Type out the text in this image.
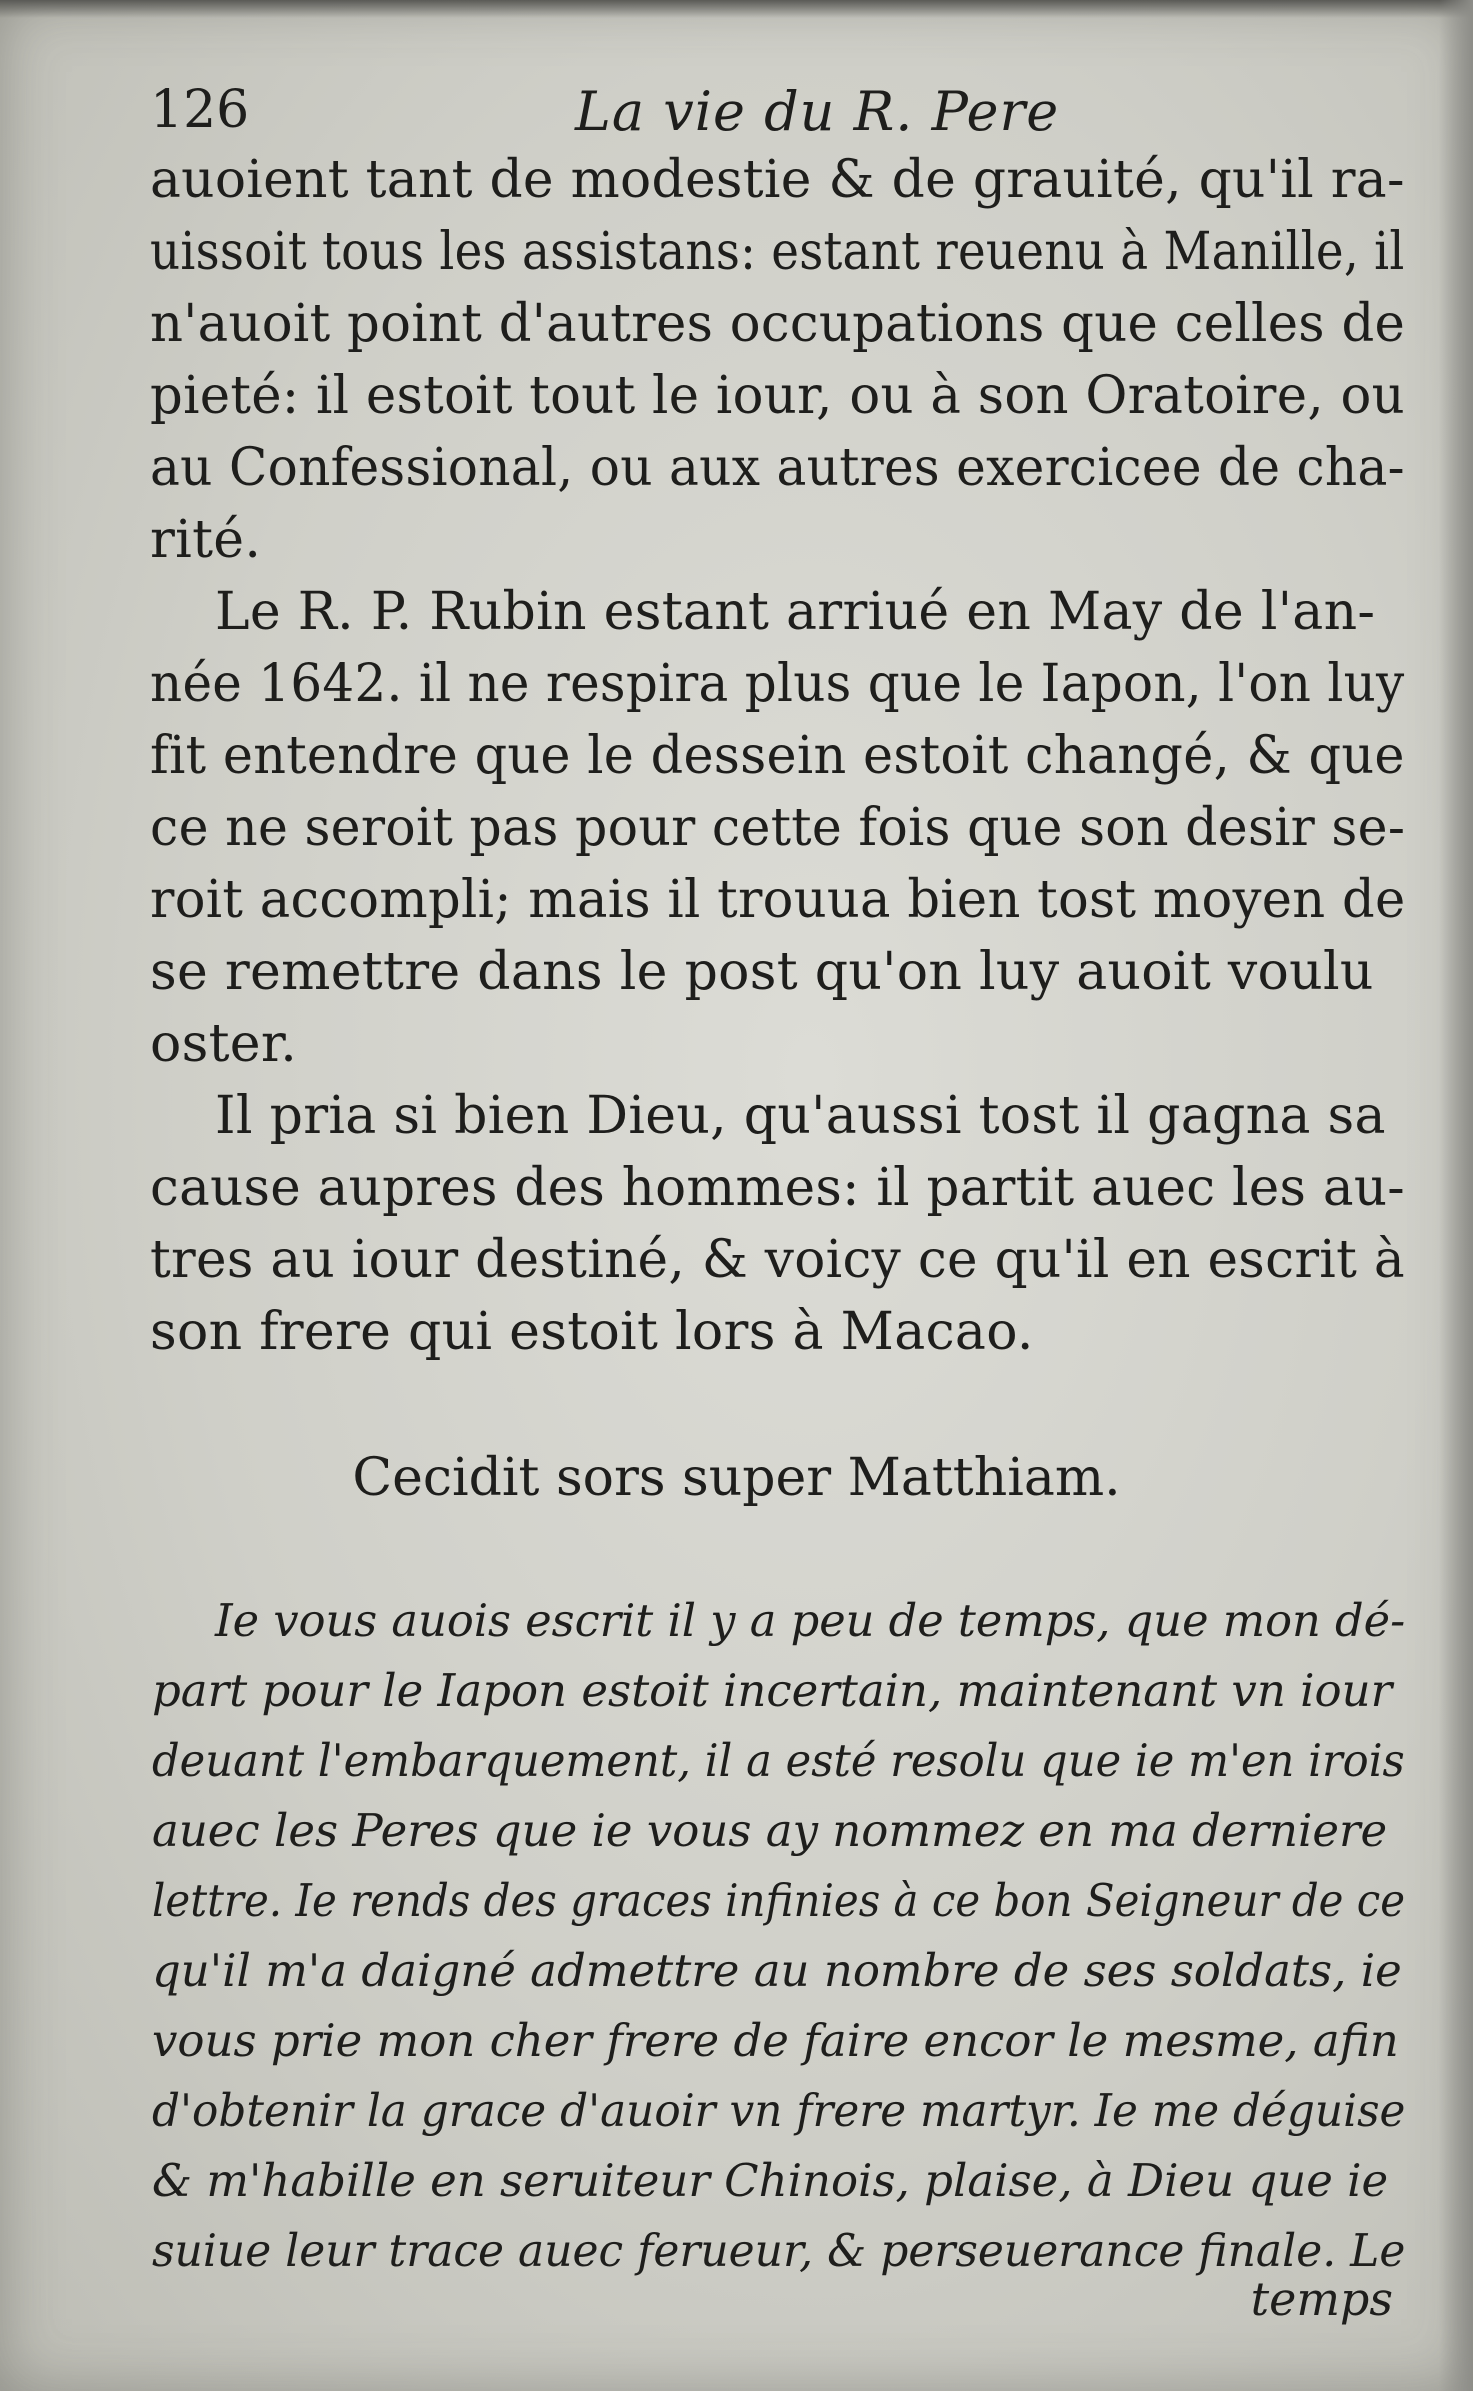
126	La vie du R. Pere
auoient tant de modestie & de grauité, qu'il ra-
uissoit tous les assistans: estant reuenu à Manille, il
n'auoit point d'autres occupations que celles de
pieté: il estoit tout le iour, ou à son Oratoire, ou
au Confessional, ou aux autres exercicee de cha-
rité.
Le R. P. Rubin estant arriué en May de l'an-
née 1642. il ne respira plus que le Iapon, l'on luy
fit entendre que le dessein estoit changé, & que
ce ne seroit pas pour cette fois que son desir se-
roit accompli; mais il trouua bien tost moyen de
se remettre dans le post qu'on luy auoit voulu
oster.
Il pria si bien Dieu, qu'aussi tost il gagna sa
cause aupres des hommes: il partit auec les au-
tres au iour destiné, & voicy ce qu'il en escrit à
son frere qui estoit lors à Macao.
Cecidit sors super Matthiam.
Ie vous auois escrit il y a peu de temps, que mon dé-
part pour le Iapon estoit incertain, maintenant vn iour
deuant l'embarquement, il a esté resolu que ie m'en irois
auec les Peres que ie vous ay nommez en ma derniere
lettre. Ie rends des graces infinies à ce bon Seigneur de ce
qu'il m'a daigné admettre au nombre de ses soldats, ie
vous prie mon cher frere de faire encor le mesme, afin
d'obtenir la grace d'auoir vn frere martyr. Ie me déguise
& m'habille en seruiteur Chinois, plaise, à Dieu que ie
suiue leur trace auec ferueur, & perseuerance finale. Le
temps
